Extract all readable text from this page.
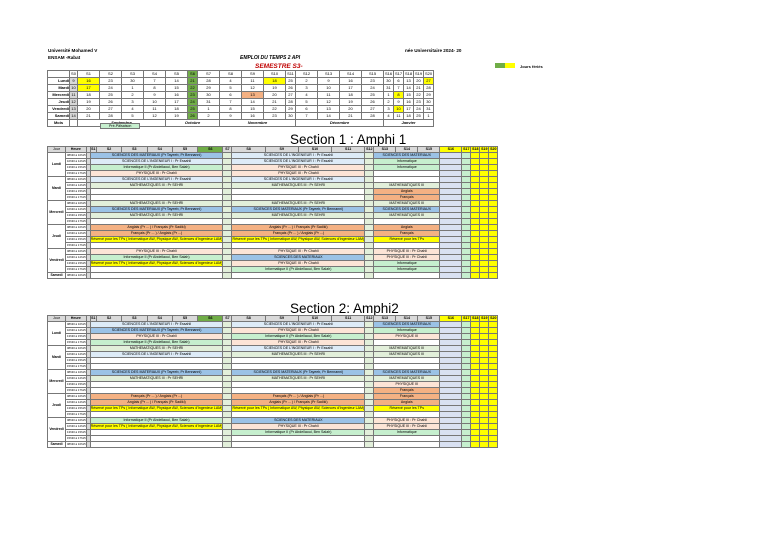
Université Mohamed V
ENSAM -Rabat
née Universitaire 2024- 20
EMPLOI DU TEMPS 2 API
SEMESTRE S3-	Jours fériés
	S0	S1	S2	S3	S4	S5	S6	S7	S8	S9	S10	S11	S12	S13	S14	S15	S16	S17	S18	S19	S20
Lundi	9	16	23	30	7	14	21	28	4	11	18	25	2	9	16	23	30	6	13	20	27
Mardi	10	17	24	1	8	15	22	29	5	12	19	26	3	10	17	24	31	7	14	21	28
Mercredi	11	18	25	2	9	16	23	30	6	13	20	27	4	11	18	25	1	8	15	22	29
Jeudi	12	19	26	3	10	17	24	31	7	14	21	28	5	12	19	26	2	9	16	23	30
Vendredi	13	20	27	4	11	18	25	1	8	15	22	29	6	13	20	27	3	10	17	24	31
Samedi	14	21	28	5	12	19	26	2	9	16	23	30	7	14	21	28	4	11	18	25	1
Mois						Octobre			Novembre				Décembre				Janvier				
Pré-Pâlsaison
Section 1 : Amphi 1
Jour	Heure		S1	S2	S3	S4	S5	S6	S7	S8	S9	S10	S11	S12	S13	S14	S15	S16	S17	S18	S19	S20
Lundi	08h30 à 10h15		SCIENCES DES MATERIAUX (Pr Tayeeb, Pr Bennanni)							SCIENCES DE L'INGENIEUR I : Pr Essahli					SCIENCES DES MATERIAUX							
	10h30 à 12h15		SCIENCES DE L'INGENIEUR I : Pr Essahli							SCIENCES DE L'INGENIEUR I : Pr Essahli					Informatique							
	13h30 à 15h15		Informatique II (Pr Abdellaoui, Ben Salah)							PHYSIQUE III : Pr Chahli					Informatique							
	15h30 à 17h15		PHYSIQUE III : Pr Chahli							PHYSIQUE III : Pr Chahli												
Mardi	08h30 à 10h15		SCIENCES DE L'INGENIEUR I : Pr Essahli							SCIENCES DE L'INGENIEUR I : Pr Essahli												
	10h30 à 12h15		MATHEMATIQUES III : Pr SEHRI							MATHEMATIQUES III : Pr SEHRI					MATHEMATIQUES III							
	13h30 à 15h15														Anglais							
	15h30 à 17h15														Français							
Mercredi	08h30 à 10h15		MATHEMATIQUES III : Pr SEHRI							MATHEMATIQUES III : Pr SEHRI					MATHEMATIQUES III							
	10h30 à 12h15		SCIENCES DES MATERIAUX (Pr Tayeeb, Pr Bennanni)							SCIENCES DES MATERIAUX (Pr Tayeeb, Pr Bennanni)					SCIENCES DES MATERIAUX							
	13h30 à 15h15		MATHEMATIQUES III : Pr SEHRI							MATHEMATIQUES III : Pr SEHRI					MATHEMATIQUES III							
	15h30 à 17h15																					
Jeudi	08h30 à 10h15		Anglais (Pr ... ) / Français (Pr Sadiki)							Anglais (Pr ... ) / Français (Pr Sadiki)					Anglais							
	10h30 à 12h15		Français (Pr ... ) / Anglais (Pr ...)							Français (Pr ... ) / Anglais (Pr ...)					Français							
	13h30 à 15h15		Réservé pour les TPs ( Informatique AW, Physique AW, Sciences d'Ingenieur LAM)							Réservé pour les TPs ( Informatique AW, Physique AW, Sciences d'Ingenieur LAM)					Réservé pour les TPs							
	15h30 à 17h15																					
Vendredi	08h30 à 10h15		PHYSIQUE III : Pr Chahli							PHYSIQUE III : Pr Chahli					PHYSIQUE III : Pr Chahli							
	10h30 à 12h15		Informatique II (Pr Abdellaoui, Ben Salah)							SCIENCES DES MATERIAUX					PHYSIQUE III : Pr Chahli							
	13h30 à 15h15		Réservé pour les TPs ( Informatique AW, Physique AW, Sciences d'Ingenieur LAM)							PHYSIQUE III : Pr Chahli					Informatique							
	15h30 à 17h15									Informatique II (Pr Abdellaoui, Ben Salah)					Informatique							
Samedi	08h30 à 10h15																					
Section 2: Amphi2
Jour	Heure		S1	S2	S3	S4	S5	S6	S7	S8	S9	S10	S11	S12	S13	S14	S15	S16	S17	S18	S19	S20
Lundi	08h30 à 10h15		SCIENCES DE L'INGENIEUR I : Pr Essahli							SCIENCES DE L'INGENIEUR I : Pr Essahli					SCIENCES DES MATERIAUX							
	10h30 à 12h15		SCIENCES DES MATERIAUX (Pr Tayeeb, Pr Bennanni)							PHYSIQUE III : Pr Chahli					Informatique							
	13h30 à 15h15		PHYSIQUE III : Pr Chahli							Informatique II (Pr Abdellaoui, Ben Salah)					PHYSIQUE III							
	15h30 à 17h15		Informatique II (Pr Abdellaoui, Ben Salah)							PHYSIQUE III : Pr Chahli												
Mardi	08h30 à 10h15		MATHEMATIQUES III : Pr SEHRI							SCIENCES DE L'INGENIEUR I : Pr Essahli					MATHEMATIQUES III							
	10h30 à 12h15		SCIENCES DE L'INGENIEUR I : Pr Essahli							MATHEMATIQUES III : Pr SEHRI					MATHEMATIQUES III							
	13h30 à 15h15																					
	15h30 à 17h15																					
Mercredi	08h30 à 10h15		SCIENCES DES MATERIAUX (Pr Tayeeb, Pr Bennanni)							SCIENCES DES MATERIAUX (Pr Tayeeb, Pr Bennanni)					SCIENCES DES MATERIAUX							
	10h30 à 12h15		MATHEMATIQUES III : Pr SEHRI							MATHEMATIQUES III : Pr SEHRI					MATHEMATIQUES III							
	13h30 à 15h15														PHYSIQUE III							
	15h30 à 17h15														Français							
Jeudi	08h30 à 10h15		Français (Pr ... ) / Anglais (Pr ...)							Français (Pr ... ) / Anglais (Pr ...)					Français							
	10h30 à 12h15		Anglais (Pr ... ) / Français (Pr Sadiki)							Anglais (Pr ... ) / Français (Pr Sadiki)					Anglais							
	13h30 à 15h15		Réservé pour les TPs ( Informatique AW, Physique AW, Sciences d'Ingenieur LAM)							Réservé pour les TPs ( Informatique AW, Physique AW, Sciences d'Ingenieur LAM)					Réservé pour les TPs							
	15h30 à 17h15																					
Vendredi	08h30 à 10h15		Informatique II (Pr Abdellaoui, Ben Salah)							SCIENCES DES MATERIAUX					PHYSIQUE III : Pr Chahli							
	10h30 à 12h15		Réservé pour les TPs ( Informatique AW, Physique AW, Sciences d'Ingenieur LAM)							PHYSIQUE III : Pr Chahli					PHYSIQUE III : Pr Chahli							
	13h30 à 15h15									Informatique II (Pr Abdellaoui, Ben Salah)					Informatique							
	15h30 à 17h15																					
Samedi	08h30 à 10h15																					
